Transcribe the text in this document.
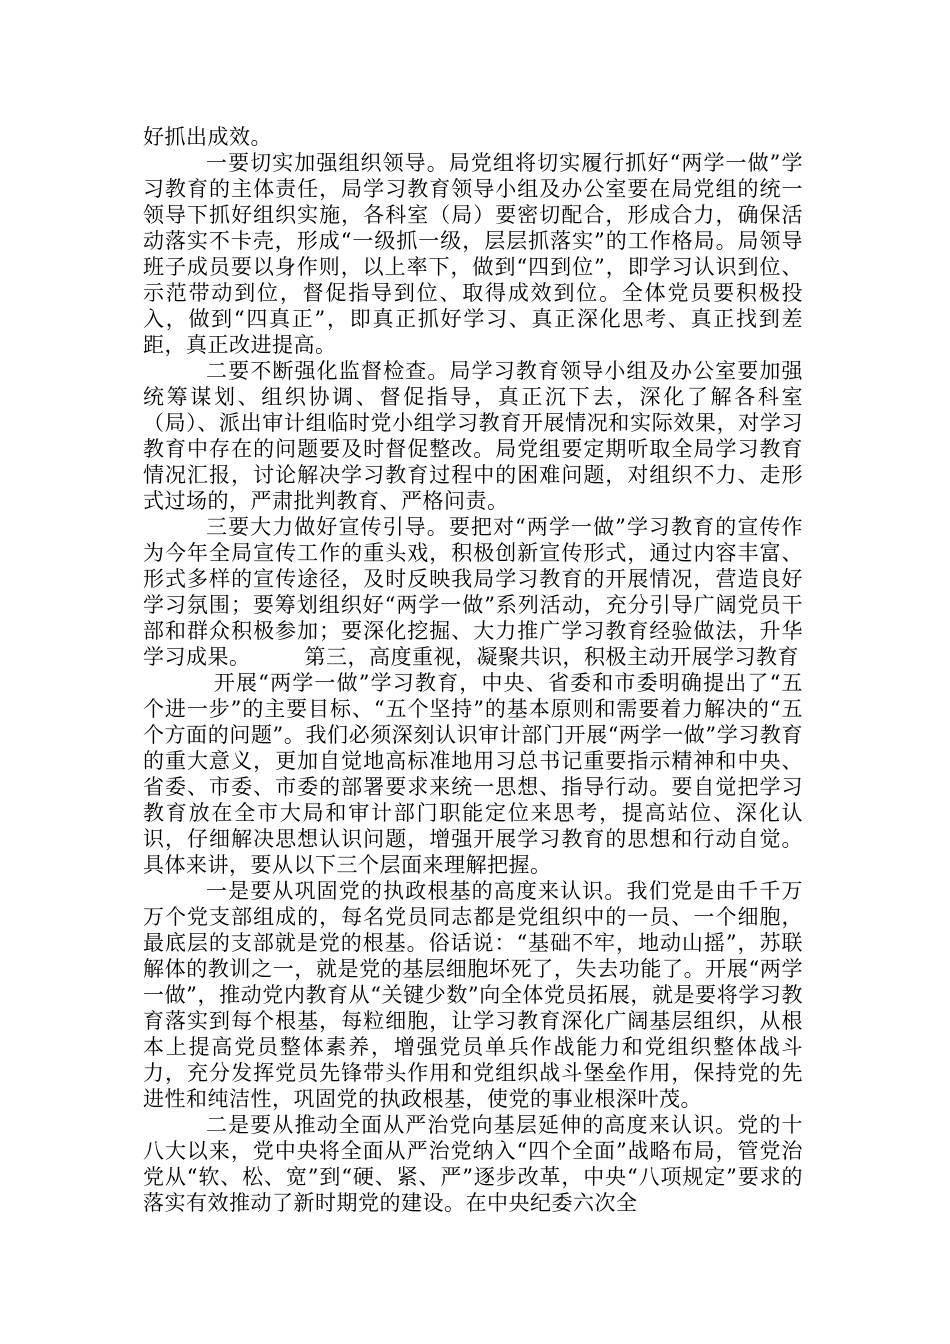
好抓出成效。

一要切实加强组织领导。局党组将切实履行抓好“两学一做”学习教育的主体责任，局学习教育领导小组及办公室要在局党组的统一领导下抓好组织实施，各科室（局）要密切配合，形成合力，确保活动落实不卡壳，形成“一级抓一级，层层抓落实”的工作格局。局领导班子成员要以身作则，以上率下，做到“四到位”，即学习认识到位、示范带动到位，督促指导到位、取得成效到位。全体党员要积极投入，做到“四真正”，即真正抓好学习、真正深化思考、真正找到差距，真正改进提高。

二要不断强化监督检查。局学习教育领导小组及办公室要加强统筹谋划、组织协调、督促指导，真正沉下去，深化了解各科室（局）、派出审计组临时党小组学习教育开展情况和实际效果，对学习教育中存在的问题要及时督促整改。局党组要定期听取全局学习教育情况汇报，讨论解决学习教育过程中的困难问题，对组织不力、走形式过场的，严肃批判教育、严格问责。

三要大力做好宣传引导。要把对“两学一做”学习教育的宣传作为今年全局宣传工作的重头戏，积极创新宣传形式，通过内容丰富、形式多样的宣传途径，及时反映我局学习教育的开展情况，营造良好学习氛围；要筹划组织好“两学一做”系列活动，充分引导广阔党员干部和群众积极参加；要深化挖掘、大力推广学习教育经验做法，升华学习成果。　　　第三，高度重视，凝聚共识，积极主动开展学习教育

开展“两学一做”学习教育，中央、省委和市委明确提出了“五个进一步”的主要目标、“五个坚持”的基本原则和需要着力解决的“五个方面的问题”。我们必须深刻认识审计部门开展“两学一做”学习教育的重大意义，更加自觉地高标准地用习总书记重要指示精神和中央、省委、市委、市委的部署要求来统一思想、指导行动。要自觉把学习教育放在全市大局和审计部门职能定位来思考，提高站位、深化认识，仔细解决思想认识问题，增强开展学习教育的思想和行动自觉。具体来讲，要从以下三个层面来理解把握。

一是要从巩固党的执政根基的高度来认识。我们党是由千千万万个党支部组成的，每名党员同志都是党组织中的一员、一个细胞，最底层的支部就是党的根基。俗话说：“基础不牢，地动山摇”，苏联解体的教训之一，就是党的基层细胞坏死了，失去功能了。开展“两学一做”，推动党内教育从“关键少数”向全体党员拓展，就是要将学习教育落实到每个根基，每粒细胞，让学习教育深化广阔基层组织，从根本上提高党员整体素养，增强党员单兵作战能力和党组织整体战斗力，充分发挥党员先锋带头作用和党组织战斗堡垒作用，保持党的先进性和纯洁性，巩固党的执政根基，使党的事业根深叶茂。

二是要从推动全面从严治党向基层延伸的高度来认识。党的十八大以来，党中央将全面从严治党纳入“四个全面”战略布局，管党治党从“软、松、宽”到“硬、紧、严”逐步改革，中央“八项规定”要求的落实有效推动了新时期党的建设。在中央纪委六次全
